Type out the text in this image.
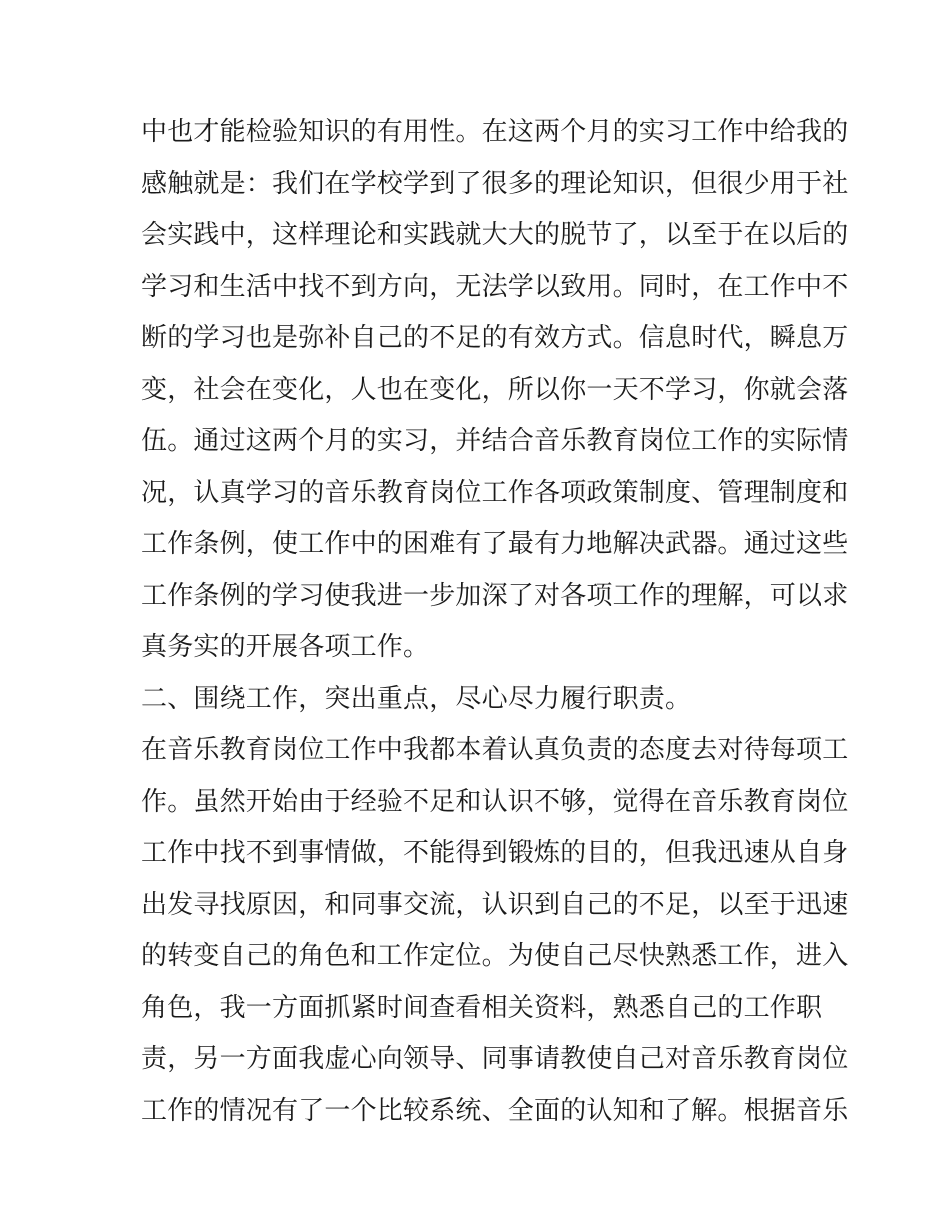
中也才能检验知识的有用性。在这两个月的实习工作中给我的
感触就是：我们在学校学到了很多的理论知识，但很少用于社
会实践中，这样理论和实践就大大的脱节了，以至于在以后的
学习和生活中找不到方向，无法学以致用。同时，在工作中不
断的学习也是弥补自己的不足的有效方式。信息时代，瞬息万
变，社会在变化，人也在变化，所以你一天不学习，你就会落
伍。通过这两个月的实习，并结合音乐教育岗位工作的实际情
况，认真学习的音乐教育岗位工作各项政策制度、管理制度和
工作条例，使工作中的困难有了最有力地解决武器。通过这些
工作条例的学习使我进一步加深了对各项工作的理解，可以求
真务实的开展各项工作。
二、围绕工作，突出重点，尽心尽力履行职责。
在音乐教育岗位工作中我都本着认真负责的态度去对待每项工
作。虽然开始由于经验不足和认识不够，觉得在音乐教育岗位
工作中找不到事情做，不能得到锻炼的目的，但我迅速从自身
出发寻找原因，和同事交流，认识到自己的不足，以至于迅速
的转变自己的角色和工作定位。为使自己尽快熟悉工作，进入
角色，我一方面抓紧时间查看相关资料，熟悉自己的工作职
责，另一方面我虚心向领导、同事请教使自己对音乐教育岗位
工作的情况有了一个比较系统、全面的认知和了解。根据音乐
